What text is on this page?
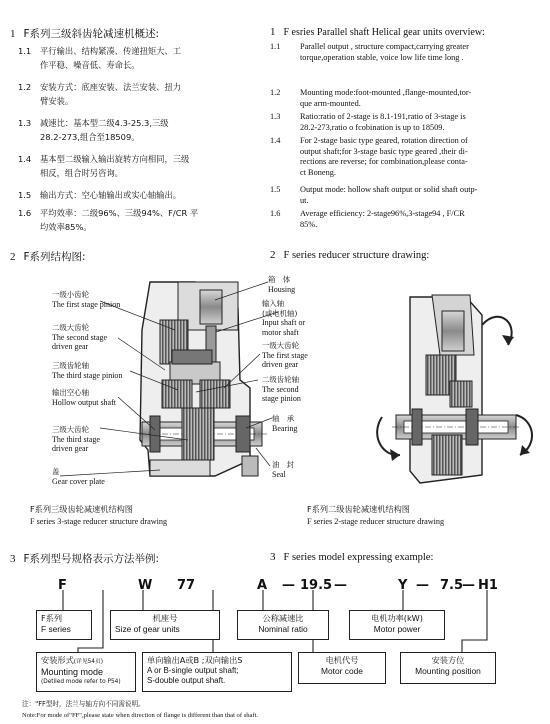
1 F系列三级斜齿轮减速机概述:	1 F esries Parallel shaft Helical gear units overview:
1.1 平行输出、结构紧凑、传递扭矩大、工
作平稳、噪音低、寿命长。
1.2 安装方式：底座安装、法兰安装、扭力
臂安装。
1.3 减速比：基本型二级4.3-25.3,三级
28.2-273,组合至18509。
1.4 基本型二级输入输出旋转方向相同，三级
相反，组合时另咨询。
1.5 输出方式：空心轴输出或实心轴输出。
1.6 平均效率：二级96%、三级94%、F/CR 平
均效率85%。
1.1 Parallel output , structure compact,carrying greater
torque,operation stable, voice low life time long .
1.2 Mounting mode:foot-mounted ,flange-mounted,tor-
que arm-mounted.
1.3 Ratio:ratio of 2-stage is 8.1-191,ratio of 3-stage is
28.2-273,ratio o fcobination is up to 18509.
1.4 For 2-stage basic type geared, rotation direction of
output shaft;for 3-stage basic type geared ,their di-
rections are reverse; for combination,please conta-
ct Boneng.
1.5 Output mode: hollow shaft output or solid shaft outp-
ut.
1.6 Average efficiency: 2-stage96%,3-stage94 , F/CR
85%.
2 F系列结构图:	2 F series reducer structure drawing:
一级小齿轮
The first stage pinion
二级大齿轮
The second stage
driven gear
三级齿轮轴
The third stage pinion
输出空心轴
Hollow output shaft
三级大齿轮
The third stage
driven gear
盖
Gear cover plate
箱　体
Housing
输入轴
(或电机轴)
Input shaft or
motor shaft
一级大齿轮
The first stage
driven gear
二级齿轮轴
The second
stage pinion
轴　承
Bearing
油　封
Seal
F系列三级齿轮减速机结构图
F series 3-stage reducer structure drawing
F系列二级齿轮减速机结构图
F series 2-stage reducer structure drawing
3 F系列型号规格表示方法举例:	3 F series model expressing example:
F	W 77	A — 19.5 —	Y — 7.5
— H1
F系列
F series
机座号
Size of gear units
公称减速比
Nominal ratio
电机功率(kW)
Motor power
安装形式(详见54页)
Mounting mode
(Detiled mode refer to P54)
单向输出A或B ;双向输出S
A or B-single output shaft;
S-double output shaft.
电机代号
Motor code
安装方位
Mounting position
注："FF型时，法兰与轴方向不同需说明。
Note:For mode of"FF",please state when direction of flange is different than that of shaft.
